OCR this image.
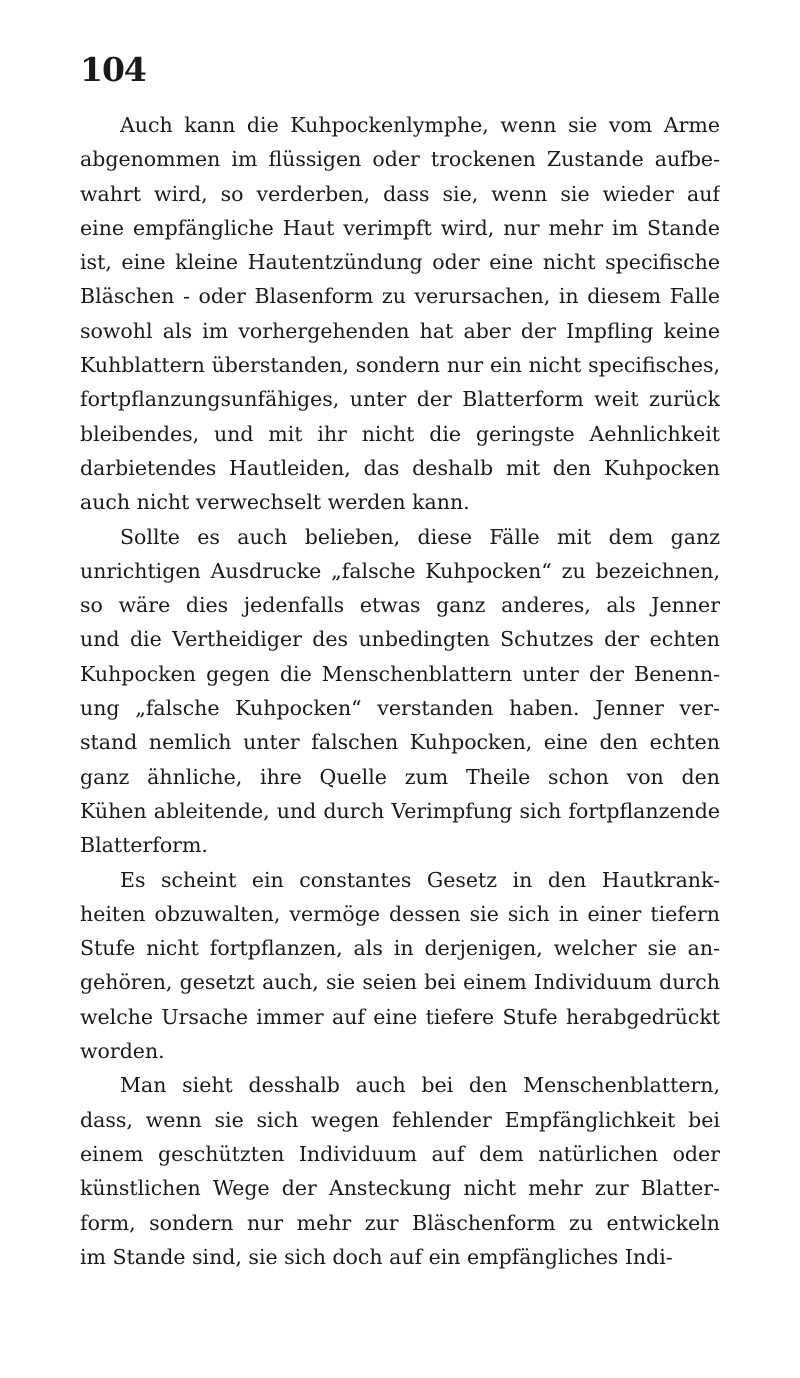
104
Auch kann die Kuhpockenlymphe, wenn sie vom Arme
abgenommen im flüssigen oder trockenen Zustande aufbe-
wahrt wird, so verderben, dass sie, wenn sie wieder auf
eine empfängliche Haut verimpft wird, nur mehr im Stande
ist, eine kleine Hautentzündung oder eine nicht specifische
Bläschen - oder Blasenform zu verursachen, in diesem Falle
sowohl als im vorhergehenden hat aber der Impfling keine
Kuhblattern überstanden, sondern nur ein nicht specifisches,
fortpflanzungsunfähiges, unter der Blatterform weit zurück
bleibendes, und mit ihr nicht die geringste Aehnlichkeit
darbietendes Hautleiden, das deshalb mit den Kuhpocken
auch nicht verwechselt werden kann.
Sollte es auch belieben, diese Fälle mit dem ganz
unrichtigen Ausdrucke „falsche Kuhpocken“ zu bezeichnen,
so wäre dies jedenfalls etwas ganz anderes, als Jenner
und die Vertheidiger des unbedingten Schutzes der echten
Kuhpocken gegen die Menschenblattern unter der Benenn-
ung „falsche Kuhpocken“ verstanden haben. Jenner ver-
stand nemlich unter falschen Kuhpocken, eine den echten
ganz ähnliche, ihre Quelle zum Theile schon von den
Kühen ableitende, und durch Verimpfung sich fortpflanzende
Blatterform.
Es scheint ein constantes Gesetz in den Hautkrank-
heiten obzuwalten, vermöge dessen sie sich in einer tiefern
Stufe nicht fortpflanzen, als in derjenigen, welcher sie an-
gehören, gesetzt auch, sie seien bei einem Individuum durch
welche Ursache immer auf eine tiefere Stufe herabgedrückt
worden.
Man sieht desshalb auch bei den Menschenblattern,
dass, wenn sie sich wegen fehlender Empfänglichkeit bei
einem geschützten Individuum auf dem natürlichen oder
künstlichen Wege der Ansteckung nicht mehr zur Blatter-
form, sondern nur mehr zur Bläschenform zu entwickeln
im Stande sind, sie sich doch auf ein empfängliches Indi-
